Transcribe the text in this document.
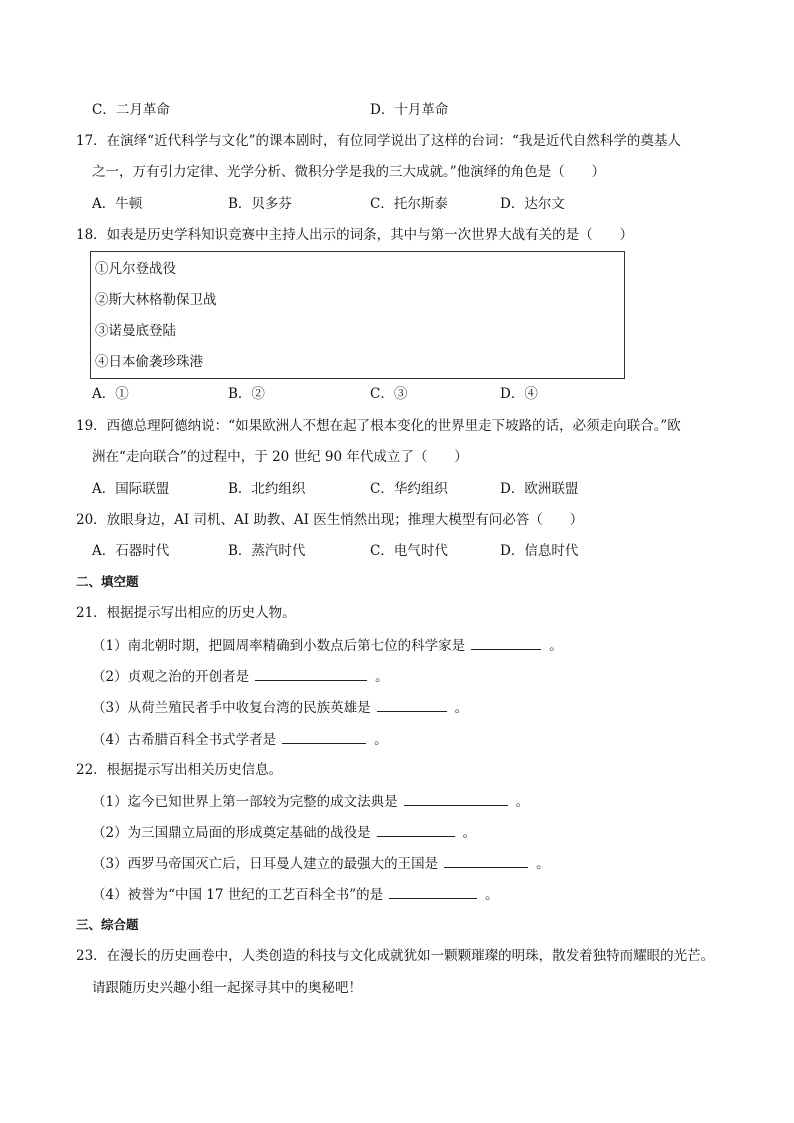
C．二月革命	D．十月革命
17．在演绎“近代科学与文化”的课本剧时，有位同学说出了这样的台词：“我是近代自然科学的奠基人
之一，万有引力定律、光学分析、微积分学是我的三大成就。”他演绎的角色是（　　）
A．牛顿	B．贝多芬	C．托尔斯泰	D．达尔文
18．如表是历史学科知识竞赛中主持人出示的词条，其中与第一次世界大战有关的是（　　）
①凡尔登战役
②斯大林格勒保卫战
③诺曼底登陆
④日本偷袭珍珠港
A．①	B．②	C．③	D．④
19．西德总理阿德纳说：“如果欧洲人不想在起了根本变化的世界里走下坡路的话，必须走向联合。”欧
洲在“走向联合”的过程中，于 20 世纪 90 年代成立了（　　）
A．国际联盟	B．北约组织	C．华约组织	D．欧洲联盟
20．放眼身边，AI 司机、AI 助教、AI 医生悄然出现；推理大模型有问必答（　　）
A．石器时代	B．蒸汽时代	C．电气时代	D．信息时代
二、填空题
21．根据提示写出相应的历史人物。
（1）南北朝时期，把圆周率精确到小数点后第七位的科学家是	。
（2）贞观之治的开创者是	。
（3）从荷兰殖民者手中收复台湾的民族英雄是	。
（4）古希腊百科全书式学者是	。
22．根据提示写出相关历史信息。
（1）迄今已知世界上第一部较为完整的成文法典是	。
（2）为三国鼎立局面的形成奠定基础的战役是	。
（3）西罗马帝国灭亡后，日耳曼人建立的最强大的王国是	。
（4）被誉为“中国 17 世纪的工艺百科全书”的是	。
三、综合题
23．在漫长的历史画卷中，人类创造的科技与文化成就犹如一颗颗璀璨的明珠，散发着独特而耀眼的光芒。
请跟随历史兴趣小组一起探寻其中的奥秘吧！
